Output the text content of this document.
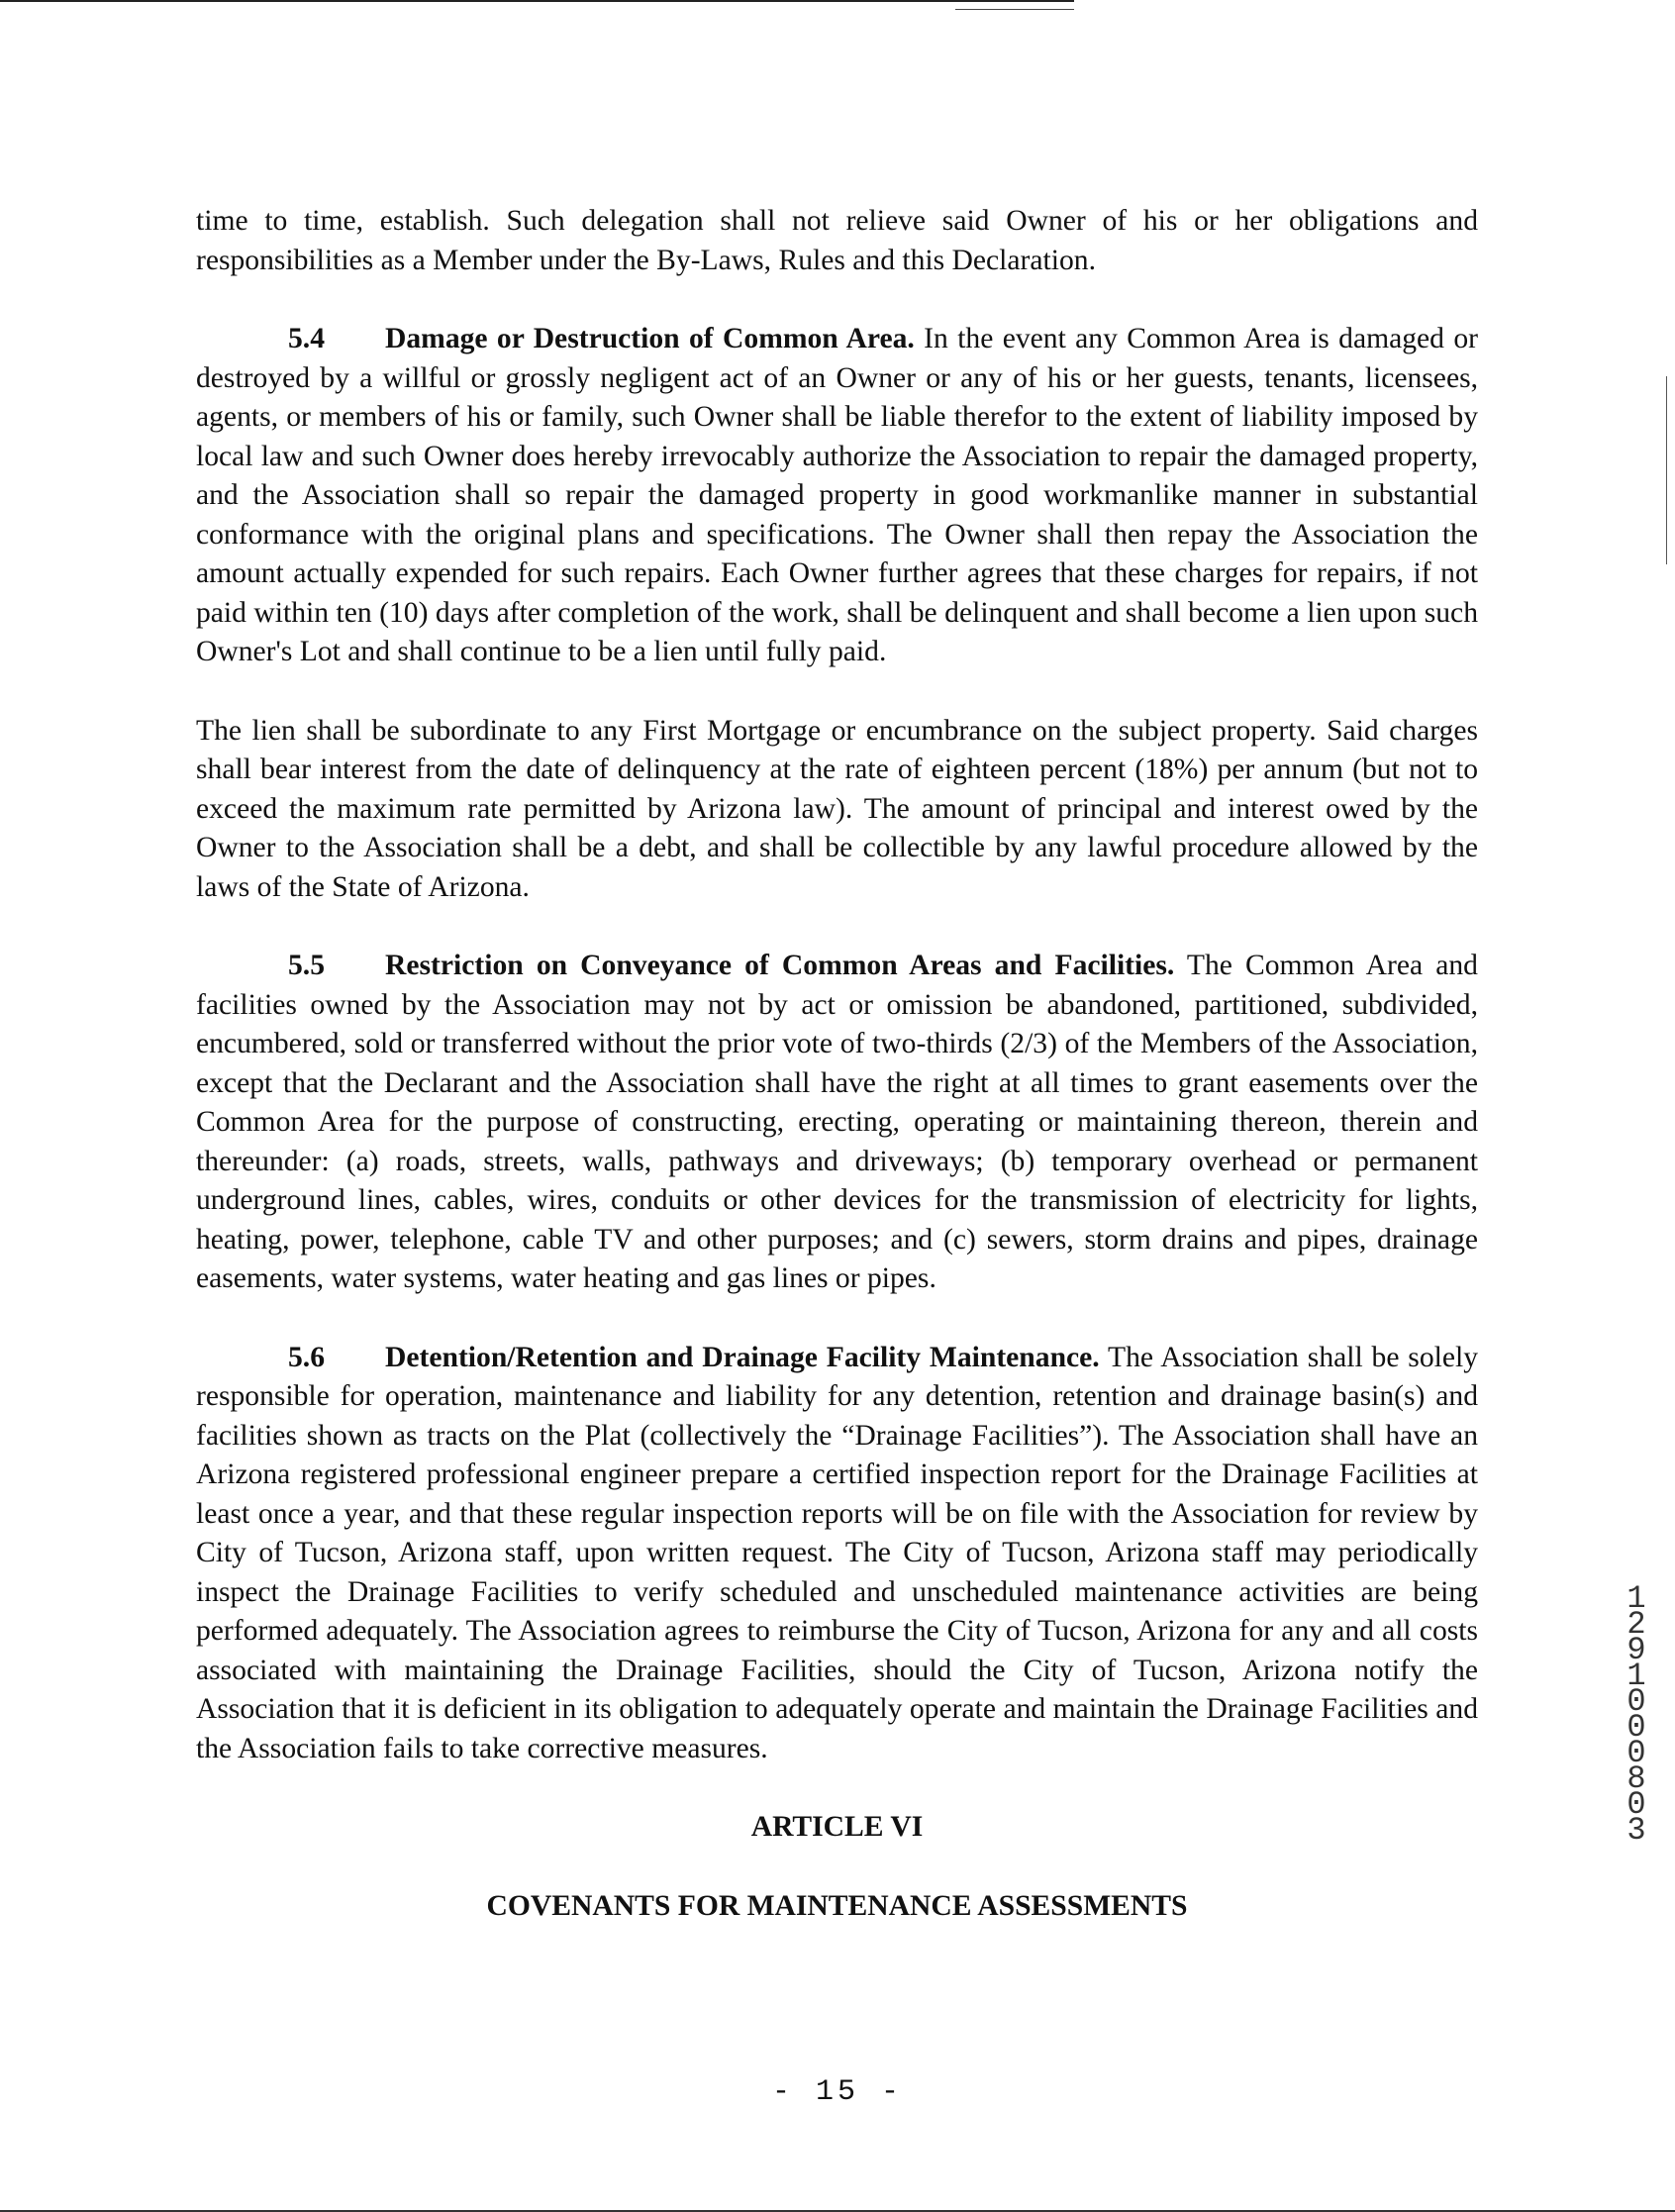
time to time, establish. Such delegation shall not relieve said Owner of his or her obligations and responsibilities as a Member under the By-Laws, Rules and this Declaration.

5.4 Damage or Destruction of Common Area. In the event any Common Area is damaged or destroyed by a willful or grossly negligent act of an Owner or any of his or her guests, tenants, licensees, agents, or members of his or family, such Owner shall be liable therefor to the extent of liability imposed by local law and such Owner does hereby irrevocably authorize the Association to repair the damaged property, and the Association shall so repair the damaged property in good workmanlike manner in substantial conformance with the original plans and specifications. The Owner shall then repay the Association the amount actually expended for such repairs. Each Owner further agrees that these charges for repairs, if not paid within ten (10) days after completion of the work, shall be delinquent and shall become a lien upon such Owner's Lot and shall continue to be a lien until fully paid.

The lien shall be subordinate to any First Mortgage or encumbrance on the subject property. Said charges shall bear interest from the date of delinquency at the rate of eighteen percent (18%) per annum (but not to exceed the maximum rate permitted by Arizona law). The amount of principal and interest owed by the Owner to the Association shall be a debt, and shall be collectible by any lawful procedure allowed by the laws of the State of Arizona.

5.5 Restriction on Conveyance of Common Areas and Facilities. The Common Area and facilities owned by the Association may not by act or omission be abandoned, partitioned, subdivided, encumbered, sold or transferred without the prior vote of two-thirds (2/3) of the Members of the Association, except that the Declarant and the Association shall have the right at all times to grant easements over the Common Area for the purpose of constructing, erecting, operating or maintaining thereon, therein and thereunder: (a) roads, streets, walls, pathways and driveways; (b) temporary overhead or permanent underground lines, cables, wires, conduits or other devices for the transmission of electricity for lights, heating, power, telephone, cable TV and other purposes; and (c) sewers, storm drains and pipes, drainage easements, water systems, water heating and gas lines or pipes.

5.6 Detention/Retention and Drainage Facility Maintenance. The Association shall be solely responsible for operation, maintenance and liability for any detention, retention and drainage basin(s) and facilities shown as tracts on the Plat (collectively the “Drainage Facilities”). The Association shall have an Arizona registered professional engineer prepare a certified inspection report for the Drainage Facilities at least once a year, and that these regular inspection reports will be on file with the Association for review by City of Tucson, Arizona staff, upon written request. The City of Tucson, Arizona staff may periodically inspect the Drainage Facilities to verify scheduled and unscheduled maintenance activities are being performed adequately. The Association agrees to reimburse the City of Tucson, Arizona for any and all costs associated with maintaining the Drainage Facilities, should the City of Tucson, Arizona notify the Association that it is deficient in its obligation to adequately operate and maintain the Drainage Facilities and the Association fails to take corrective measures.

ARTICLE VI

COVENANTS FOR MAINTENANCE ASSESSMENTS

12910 00803
- 15 -
